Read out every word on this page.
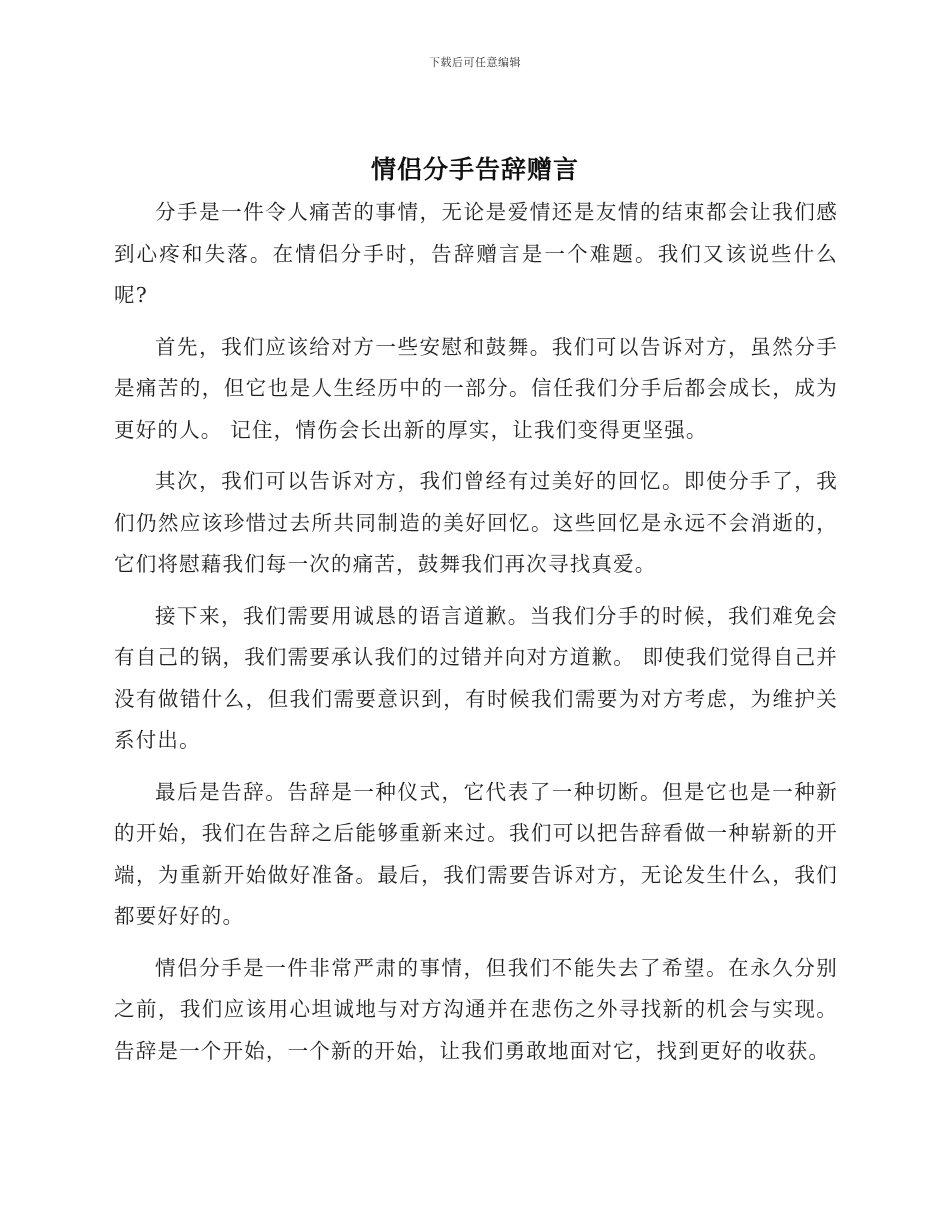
下载后可任意编辑
情侣分手告辞赠言

分手是一件令人痛苦的事情，无论是爱情还是友情的结束都会让我们感到心疼和失落。在情侣分手时，告辞赠言是一个难题。我们又该说些什么呢?

首先，我们应该给对方一些安慰和鼓舞。我们可以告诉对方，虽然分手是痛苦的，但它也是人生经历中的一部分。信任我们分手后都会成长，成为更好的人。 记住，情伤会长出新的厚实，让我们变得更坚强。

其次，我们可以告诉对方，我们曾经有过美好的回忆。即使分手了，我们仍然应该珍惜过去所共同制造的美好回忆。这些回忆是永远不会消逝的，它们将慰藉我们每一次的痛苦，鼓舞我们再次寻找真爱。

接下来，我们需要用诚恳的语言道歉。当我们分手的时候，我们难免会有自己的锅，我们需要承认我们的过错并向对方道歉。 即使我们觉得自己并没有做错什么，但我们需要意识到，有时候我们需要为对方考虑，为维护关系付出。

最后是告辞。告辞是一种仪式，它代表了一种切断。但是它也是一种新的开始，我们在告辞之后能够重新来过。我们可以把告辞看做一种崭新的开端，为重新开始做好准备。最后，我们需要告诉对方，无论发生什么，我们都要好好的。

情侣分手是一件非常严肃的事情，但我们不能失去了希望。在永久分别之前，我们应该用心坦诚地与对方沟通并在悲伤之外寻找新的机会与实现。告辞是一个开始，一个新的开始，让我们勇敢地面对它，找到更好的收获。
